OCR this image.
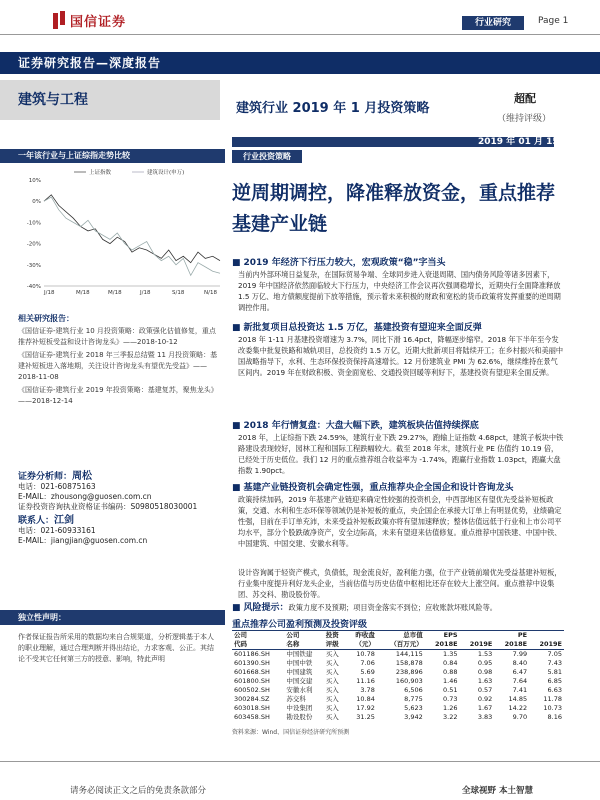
国信证券	行业研究	Page 1
证券研究报告—深度报告
建筑与工程
建筑行业 2019 年 1 月投资策略
超配
（维持评级）
2019 年 01 月 15 日
一年该行业与上证综指走势比较
10%
0%
-10%
-20%
-30%
-40%
J/18	M/18	M/18	J/18	S/18	N/18
上证指数	建筑设计(申万)
相关研究报告：

《国信证券-建筑行业 10 月投资策略：政策强化估值修复，重点推荐补短板受益和设计咨询龙头》——2018-10-12

《国信证券-建筑行业 2018 年三季报总结暨 11 月投资策略：基建补短板进入落地期，关注设计咨询龙头有望优先受益》——2018-11-08

《国信证券-建筑行业 2019 年投资策略：基建复苏，聚焦龙头》——2018-12-14

证券分析师：周松
电话：021-60875163
E-MAIL：zhousong@guosen.com.cn
证券投资咨询执业资格证书编码：S0980518030001
联系人：江剑
电话：021-60933161
E-MAIL：jiangjian@guosen.com.cn
独立性声明：
作者保证报告所采用的数据均来自合规渠道，分析逻辑基于本人的职业理解，通过合理判断并得出结论，力求客观、公正。其结论不受其它任何第三方的授意、影响，特此声明
行业投资策略
逆周期调控，降准释放资金，重点推荐基建产业链
■ 2019 年经济下行压力较大，宏观政策“稳”字当头
当前内外部环境日益复杂，在国际贸易争端、全球同步进入衰退周期、国内债务风险等诸多因素下，2019 年中国经济依然面临较大下行压力，中央经济工作会议再次强调稳增长，近期央行全面降准释放 1.5 万亿、地方债额度提前下放等措施，预示着未来积极的财政和宽松的货币政策将发挥重要的逆周期调控作用。
■ 新批复项目总投资达 1.5 万亿，基建投资有望迎来全面反弹
2018 年 1-11 月基建投资增速为 3.7%，同比下滑 16.4pct，降幅逐步缩窄。2018 年下半年至今发改委集中批复铁路和城轨项目，总投资约 1.5 万亿，近期大批新项目将陆续开工；在乡村振兴和美丽中国战略指导下，水利、生态环保投资保持高速增长。12 月份建筑业 PMI 为 62.6%，继续维持在景气区间内。2019 年在财政积极、资金面宽松、交通投资回暖等利好下，基建投资有望迎来全面反弹。
■ 2018 年行情复盘：大盘大幅下跌，建筑板块估值持续探底
2018 年，上证综指下跌 24.59%，建筑行业下跌 29.27%，跑输上证指数 4.68pct，建筑子板块中铁路建设表现较好，园林工程和国际工程跌幅较大。截至 2018 年末，建筑行业 PE 估值约 10.19 倍，已经处于历史低位。我们 12 月的重点推荐组合收益率为 -1.74%，跑赢行业指数 1.03pct，跑赢大盘指数 1.90pct。
■ 基建产业链投资机会确定性强，重点推荐央企全国企和设计咨询龙头
政策持续加码，2019 年基建产业链迎来确定性较强的投资机会，中西部地区有望优先受益补短板政策，交通、水利和生态环保等领域仍是补短板的重点，央企国企在承接大订单上有明显优势，业绩确定性强，目前在手订单充沛，未来受益补短板政策亦将有望加速释放；整体估值远低于行业和上市公司平均水平，部分个股跌破净资产，安全边际高，未来有望迎来估值修复。重点推荐中国铁建、中国中铁、中国建筑、中国交建、安徽水利等。
设计咨询属于轻资产模式，负债低，现金流良好，盈利能力强，位于产业链前端优先受益基建补短板，行业集中度提升利好龙头企业，当前估值与历史估值中枢相比还存在较大上涨空间。重点推荐中设集团、苏交科、勘设股份等。
■ 风险提示：政策力度不及预期；项目资金落实不到位；应收账款坏账风险等。
重点推荐公司盈利预测及投资评级
公司	公司	投资	昨收盘	总市值	EPS		PE	
代码	名称	评级	（元）	（百万元）	2018E	2019E	2018E	2019E
601186.SH	中国铁建	买入	10.78	144,115	1.35	1.53	7.99	7.05
601390.SH	中国中铁	买入	7.06	158,878	0.84	0.95	8.40	7.43
601668.SH	中国建筑	买入	5.69	238,896	0.88	0.98	6.47	5.81
601800.SH	中国交建	买入	11.16	160,903	1.46	1.63	7.64	6.85
600502.SH	安徽水利	买入	3.78	6,506	0.51	0.57	7.41	6.63
300284.SZ	苏交科	买入	10.84	8,775	0.73	0.92	14.85	11.78
603018.SH	中设集团	买入	17.92	5,623	1.26	1.67	14.22	10.73
603458.SH	勘设股份	买入	31.25	3,942	3.22	3.83	9.70	8.16
资料来源：Wind、国信证券经济研究所预测
请务必阅读正文之后的免责条款部分	全球视野 本土智慧
